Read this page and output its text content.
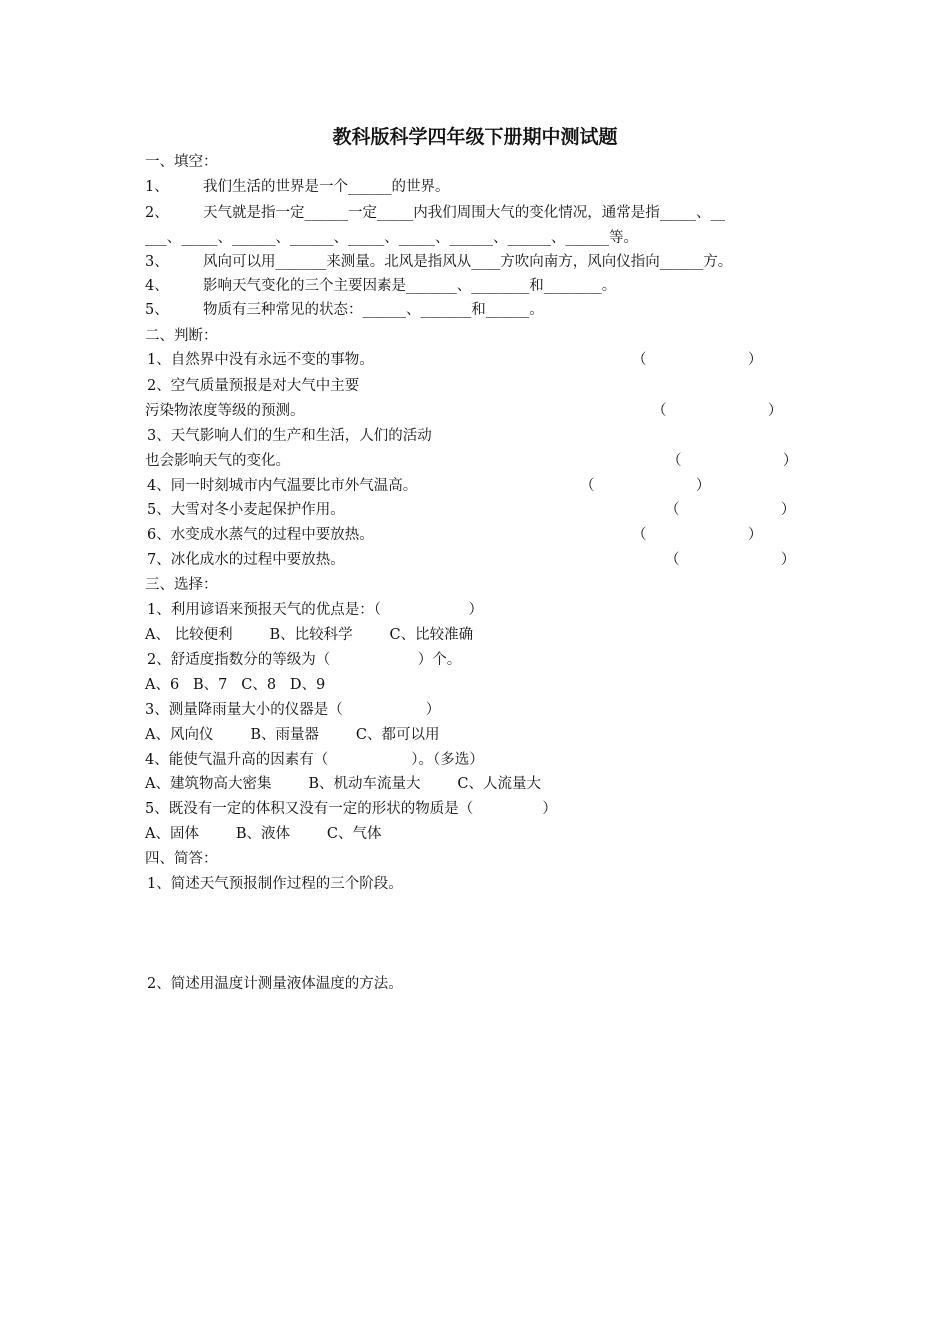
教科版科学四年级下册期中测试题
一、填空：
1、 我们生活的世界是一个______的世界。
2、 天气就是指一定______一定_____内我们周围大气的变化情况，通常是指_____、__
___、_____、______、______、_____、_____、______、______、______等。
3、 风向可以用_______来测量。北风是指风从____方吹向南方，风向仪指向______方。
4、 影响天气变化的三个主要因素是_______、________和________。
5、 物质有三种常见的状态：______、_______和______。
二、判断：
1、自然界中没有永远不变的事物。	（                      ）
2、空气质量预报是对大气中主要
污染物浓度等级的预测。	（                      ）
3、天气影响人们的生产和生活，人们的活动
也会影响天气的变化。	（                      ）
4、同一时刻城市内气温要比市外气温高。	（                      ）
5、大雪对冬小麦起保护作用。	（                      ）
6、水变成水蒸气的过程中要放热。	（                      ）
7、冰化成水的过程中要放热。	（                      ）
三、选择：
1、利用谚语来预报天气的优点是：（                   ）
A、 比较便利        B、比较科学        C、比较准确
2、舒适度指数分的等级为（                   ）个。
A、6   B、7   C、8   D、9
3、测量降雨量大小的仪器是（                  ）
A、风向仪        B、雨量器        C、都可以用
4、能使气温升高的因素有（                  ）。（多选）
A、建筑物高大密集        B、机动车流量大        C、人流量大
5、既没有一定的体积又没有一定的形状的物质是（               ）
A、固体        B、液体        C、气体
四、简答：
1、简述天气预报制作过程的三个阶段。
2、简述用温度计测量液体温度的方法。
